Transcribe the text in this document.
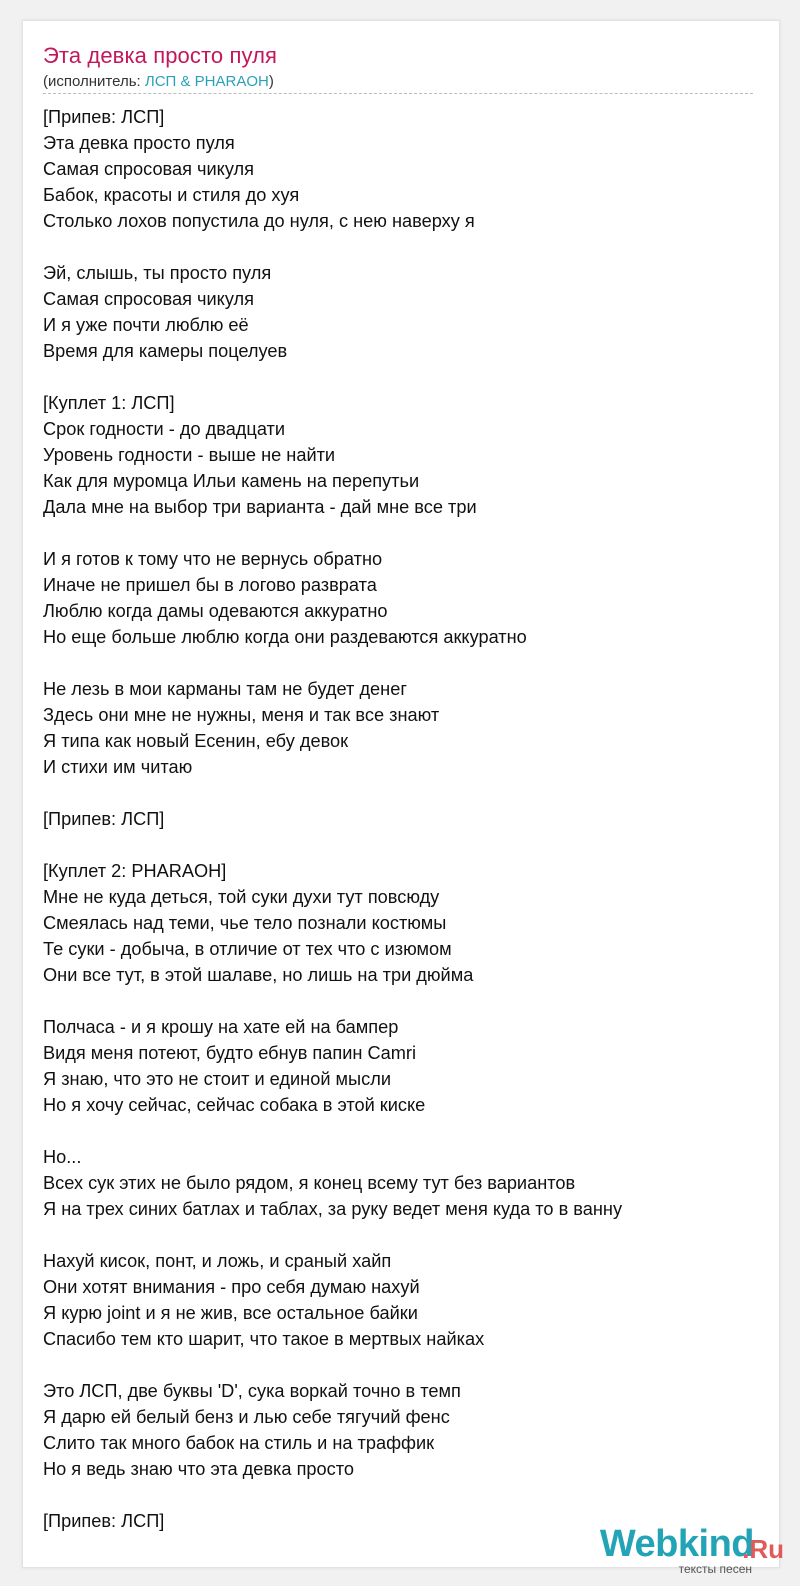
Эта девка просто пуля
(исполнитель: ЛСП & PHARAOH)
[Припев: ЛСП]
Эта девка просто пуля
Самая спросовая чикуля
Бабок, красоты и стиля до хуя
Столько лохов попустила до нуля, с нею наверху я
Эй, слышь, ты просто пуля
Самая спросовая чикуля
И я уже почти люблю её
Время для камеры поцелуев
[Куплет 1: ЛСП]
Срок годности - до двадцати
Уровень годности - выше не найти
Как для муромца Ильи камень на перепутьи
Дала мне на выбор три варианта - дай мне все три
И я готов к тому что не вернусь обратно
Иначе не пришел бы в логово разврата
Люблю когда дамы одеваются аккуратно
Но еще больше люблю когда они раздеваются аккуратно
Не лезь в мои карманы там не будет денег
Здесь они мне не нужны, меня и так все знают
Я типа как новый Есенин, ебу девок
И стихи им читаю
[Припев: ЛСП]
[Куплет 2: PHARAOH]
Мне не куда деться, той суки духи тут повсюду
Смеялась над теми, чье тело познали костюмы
Те суки - добыча, в отличие от тех что с изюмом
Они все тут, в этой шалаве, но лишь на три дюйма
Полчаса - и я крошу на хате ей на бампер
Видя меня потеют, будто ебнув папин Camri
Я знаю, что это не стоит и единой мысли
Но я хочу сейчас, сейчас собака в этой киске
Но...
Всех сук этих не было рядом, я конец всему тут без вариантов
Я на трех синих батлах и таблах, за руку ведет меня куда то в ванну
Нахуй кисок, понт, и ложь, и сраный хайп
Они хотят внимания - про себя думаю нахуй
Я курю joint и я не жив, все остальное байки
Спасибо тем кто шарит, что такое в мертвых найках
Это ЛСП, две буквы 'D', сука воркай точно в темп
Я дарю ей белый бенз и лью себе тягучий фенс
Слито так много бабок на стиль и на траффик
Но я ведь знаю что эта девка просто
[Припев: ЛСП]
Webkind
.Ru
тексты песен
